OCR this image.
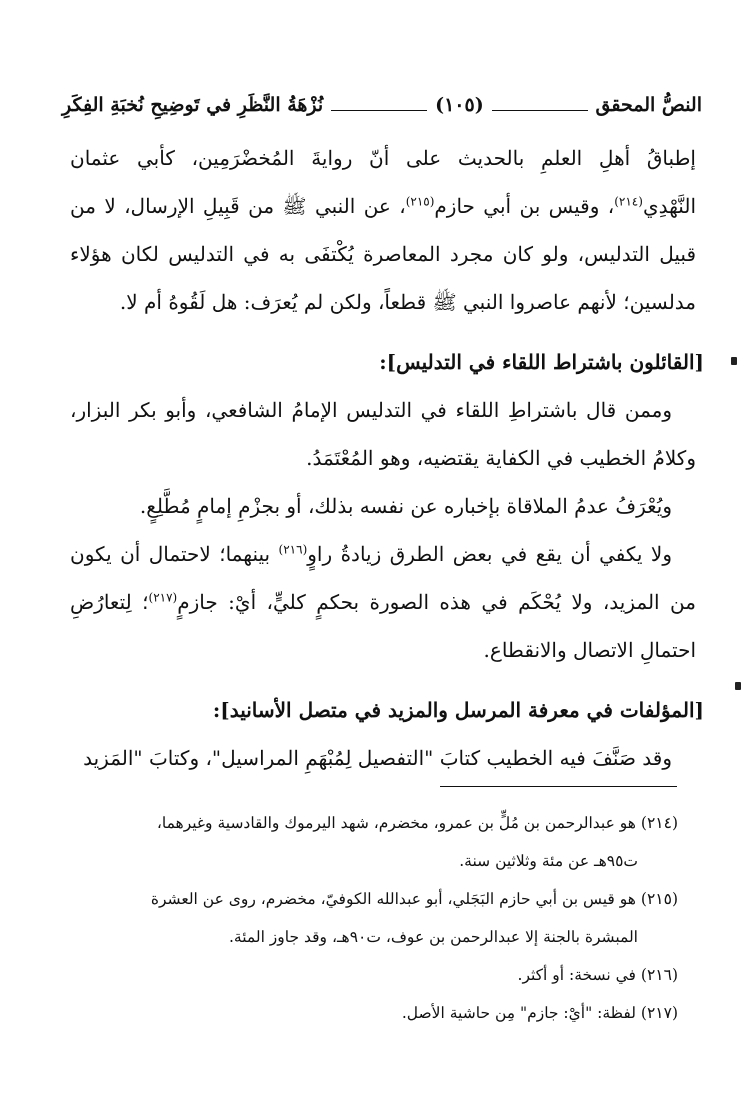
النصُّ المحقق
(١٠٥)
نُزْهَةُ النَّظَرِ في تَوضِيحِ نُخبَةِ الفِكَرِ

إطباقُ أهلِ العلمِ بالحديث على أنّ روايةَ المُخضْرَمِين، كأبي عثمان النَّهْدِي$^{(٢١٤)}$، وقيس بن أبي حازم$^{(٢١٥)}$، عن النبي ﷺ من قَبِيلِ الإرسال، لا من قبيل التدليس، ولو كان مجرد المعاصرة يُكْتفَى به في التدليس لكان هؤلاء مدلسين؛ لأنهم عاصروا النبي ﷺ قطعاً، ولكن لم يُعرَف: هل لَقُوهُ أم لا.

[القائلون باشتراط اللقاء في التدليس]:

وممن قال باشتراطِ اللقاء في التدليس الإمامُ الشافعي، وأبو بكر البزار، وكلامُ الخطيب في الكفاية يقتضيه، وهو المُعْتَمَدُ.

ويُعْرَفُ عدمُ الملاقاة بإخباره عن نفسه بذلك، أو بجزْمِ إمامٍ مُطَّلِعٍ.

ولا يكفي أن يقع في بعض الطرق زيادةُ راوٍ$^{(٢١٦)}$ بينهما؛ لاحتمال أن يكون من المزيد، ولا يُحْكَم في هذه الصورة بحكمٍ كليٍّ، أيْ: جازمٍ$^{(٢١٧)}$؛ لِتعارُضِ احتمالِ الاتصال والانقطاع.

[المؤلفات في معرفة المرسل والمزيد في متصل الأسانيد]:

وقد صَنَّفَ فيه الخطيب كتابَ "التفصيل لِمُبْهَمِ المراسيل"، وكتابَ "المَزيد

(٢١٤) هو عبدالرحمن بن مُلٍّ بن عمرو، مخضرم، شهد اليرموك والقادسية وغيرهما،

ت٩٥هـ عن مئة وثلاثين سنة.

(٢١٥) هو قيس بن أبي حازم البَجَلي، أبو عبدالله الكوفيّ، مخضرم، روى عن العشرة

المبشرة بالجنة إلا عبدالرحمن بن عوف، ت٩٠هـ، وقد جاوز المئة.

(٢١٦) في نسخة: أو أكثر.

(٢١٧) لفظة: "أيْ: جازم" مِن حاشية الأصل.
